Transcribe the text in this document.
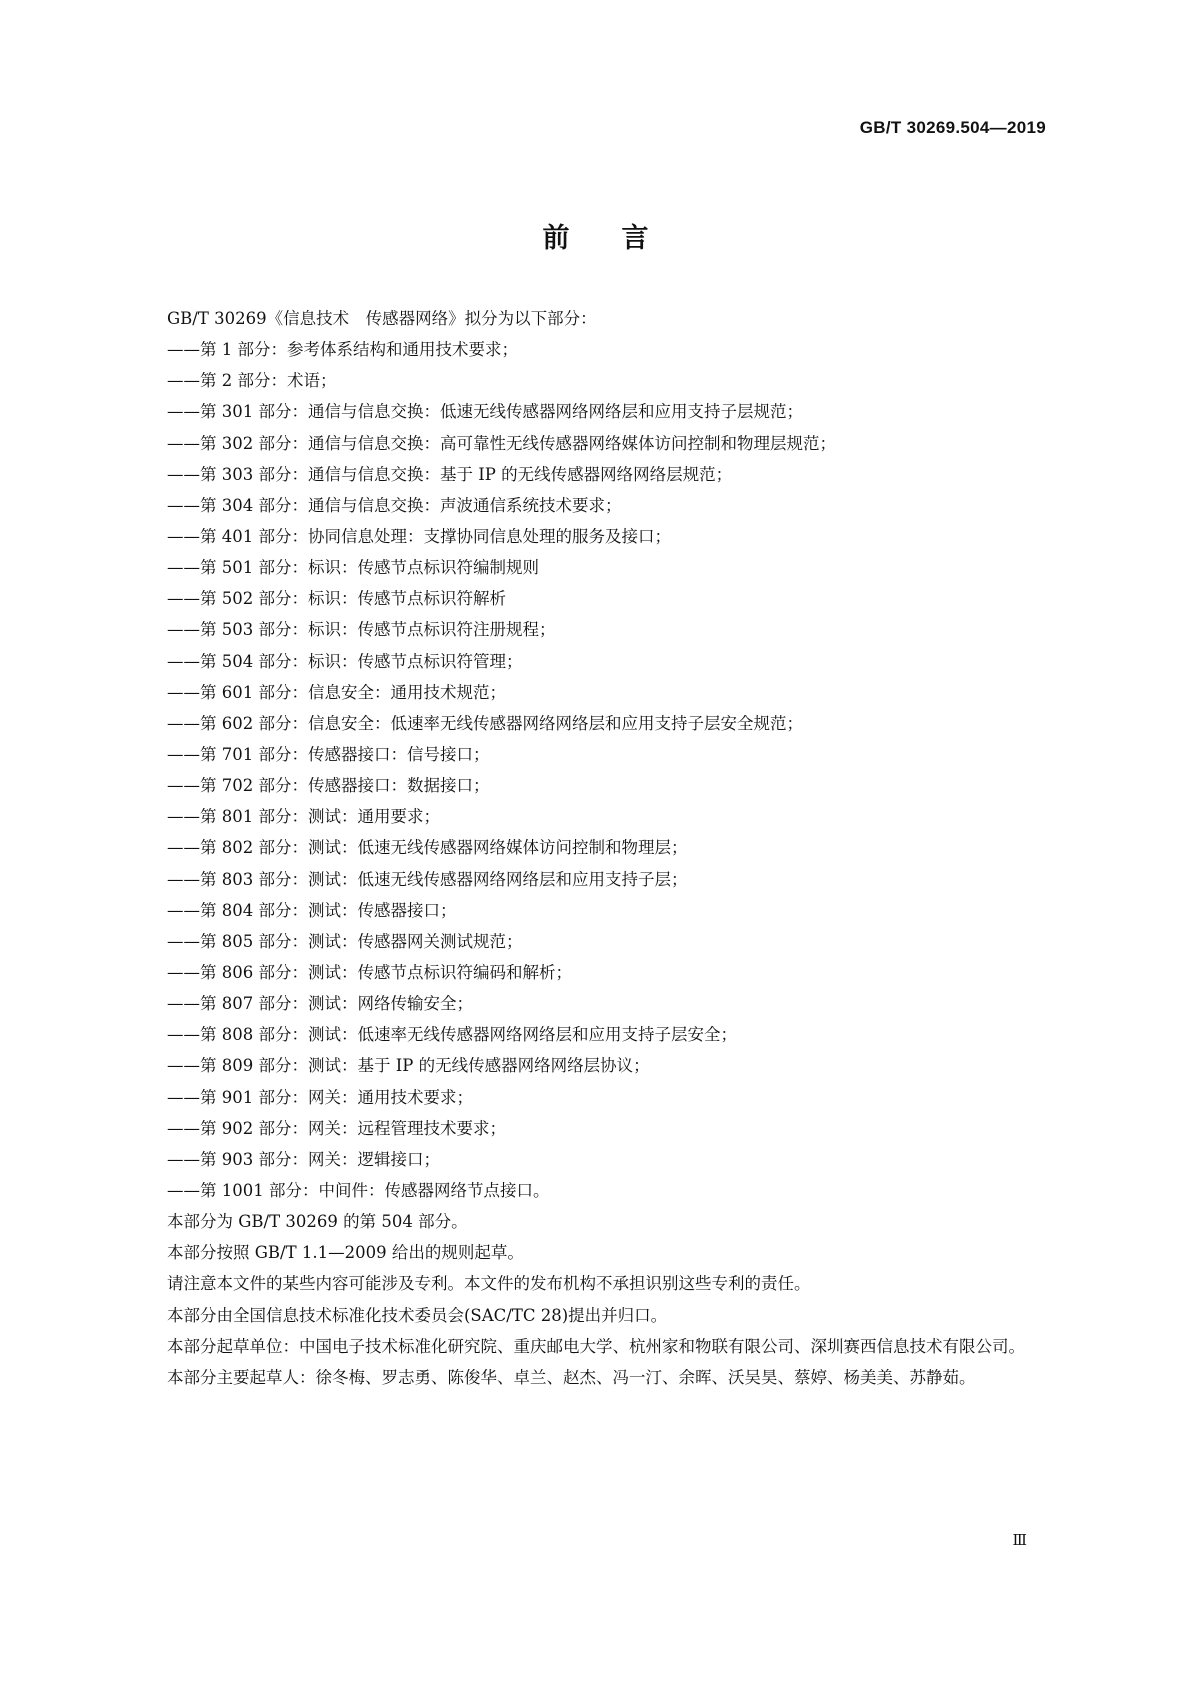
GB/T 30269.504—2019
前言
GB/T 30269《信息技术　传感器网络》拟分为以下部分：
——第 1 部分：参考体系结构和通用技术要求；
——第 2 部分：术语；
——第 301 部分：通信与信息交换：低速无线传感器网络网络层和应用支持子层规范；
——第 302 部分：通信与信息交换：高可靠性无线传感器网络媒体访问控制和物理层规范；
——第 303 部分：通信与信息交换：基于 IP 的无线传感器网络网络层规范；
——第 304 部分：通信与信息交换：声波通信系统技术要求；
——第 401 部分：协同信息处理：支撑协同信息处理的服务及接口；
——第 501 部分：标识：传感节点标识符编制规则
——第 502 部分：标识：传感节点标识符解析
——第 503 部分：标识：传感节点标识符注册规程；
——第 504 部分：标识：传感节点标识符管理；
——第 601 部分：信息安全：通用技术规范；
——第 602 部分：信息安全：低速率无线传感器网络网络层和应用支持子层安全规范；
——第 701 部分：传感器接口：信号接口；
——第 702 部分：传感器接口：数据接口；
——第 801 部分：测试：通用要求；
——第 802 部分：测试：低速无线传感器网络媒体访问控制和物理层；
——第 803 部分：测试：低速无线传感器网络网络层和应用支持子层；
——第 804 部分：测试：传感器接口；
——第 805 部分：测试：传感器网关测试规范；
——第 806 部分：测试：传感节点标识符编码和解析；
——第 807 部分：测试：网络传输安全；
——第 808 部分：测试：低速率无线传感器网络网络层和应用支持子层安全；
——第 809 部分：测试：基于 IP 的无线传感器网络网络层协议；
——第 901 部分：网关：通用技术要求；
——第 902 部分：网关：远程管理技术要求；
——第 903 部分：网关：逻辑接口；
——第 1001 部分：中间件：传感器网络节点接口。
本部分为 GB/T 30269 的第 504 部分。
本部分按照 GB/T 1.1—2009 给出的规则起草。
请注意本文件的某些内容可能涉及专利。本文件的发布机构不承担识别这些专利的责任。
本部分由全国信息技术标准化技术委员会(SAC/TC 28)提出并归口。
本部分起草单位：中国电子技术标准化研究院、重庆邮电大学、杭州家和物联有限公司、深圳赛西信息技术有限公司。
本部分主要起草人：徐冬梅、罗志勇、陈俊华、卓兰、赵杰、冯一汀、余晖、沃吴昊、蔡婷、杨美美、苏静茹。
Ⅲ
